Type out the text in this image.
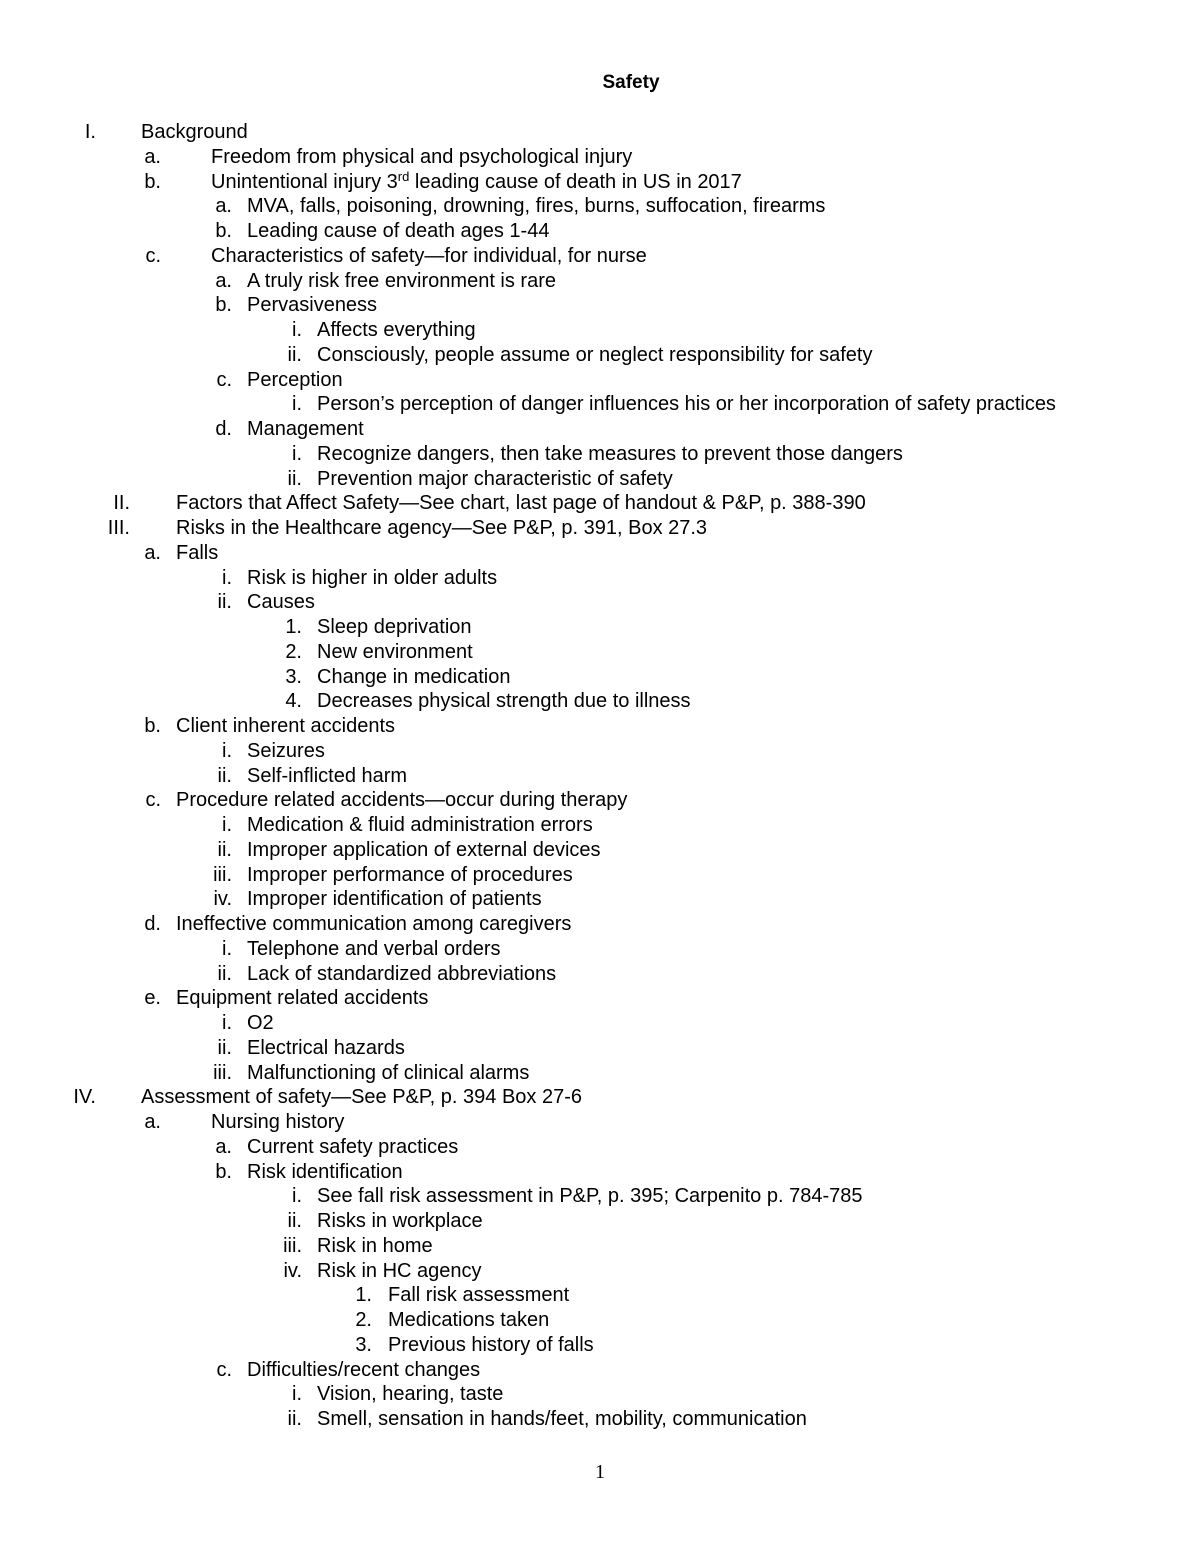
Safety
I. Background
a.	Freedom from physical and psychological injury
b.	Unintentional injury 3rd leading cause of death in US in 2017
a. MVA, falls, poisoning, drowning, fires, burns, suffocation, firearms
b. Leading cause of death ages 1-44
c.	Characteristics of safety—for individual, for nurse
a. A truly risk free environment is rare
b. Pervasiveness
i. Affects everything
ii. Consciously, people assume or neglect responsibility for safety
c. Perception
i. Person’s perception of danger influences his or her incorporation of safety practices
d. Management
i. Recognize dangers, then take measures to prevent those dangers
ii. Prevention major characteristic of safety
II. Factors that Affect Safety—See chart, last page of handout & P&P, p. 388-390
III. Risks in the Healthcare agency—See P&P, p. 391, Box 27.3
a. Falls
i. Risk is higher in older adults
ii. Causes
1. Sleep deprivation
2. New environment
3. Change in medication
4. Decreases physical strength due to illness
b. Client inherent accidents
i. Seizures
ii. Self-inflicted harm
c. Procedure related accidents—occur during therapy
i. Medication & fluid administration errors
ii. Improper application of external devices
iii. Improper performance of procedures
iv. Improper identification of patients
d. Ineffective communication among caregivers
i. Telephone and verbal orders
ii. Lack of standardized abbreviations
e. Equipment related accidents
i. O2
ii. Electrical hazards
iii. Malfunctioning of clinical alarms
IV. Assessment of safety—See P&P, p. 394 Box 27-6
a.	Nursing history
a. Current safety practices
b. Risk identification
i. See fall risk assessment in P&P, p. 395; Carpenito p. 784-785
ii. Risks in workplace
iii. Risk in home
iv. Risk in HC agency
1. Fall risk assessment
2. Medications taken
3. Previous history of falls
c. Difficulties/recent changes
i. Vision, hearing, taste
ii. Smell, sensation in hands/feet, mobility, communication
1
